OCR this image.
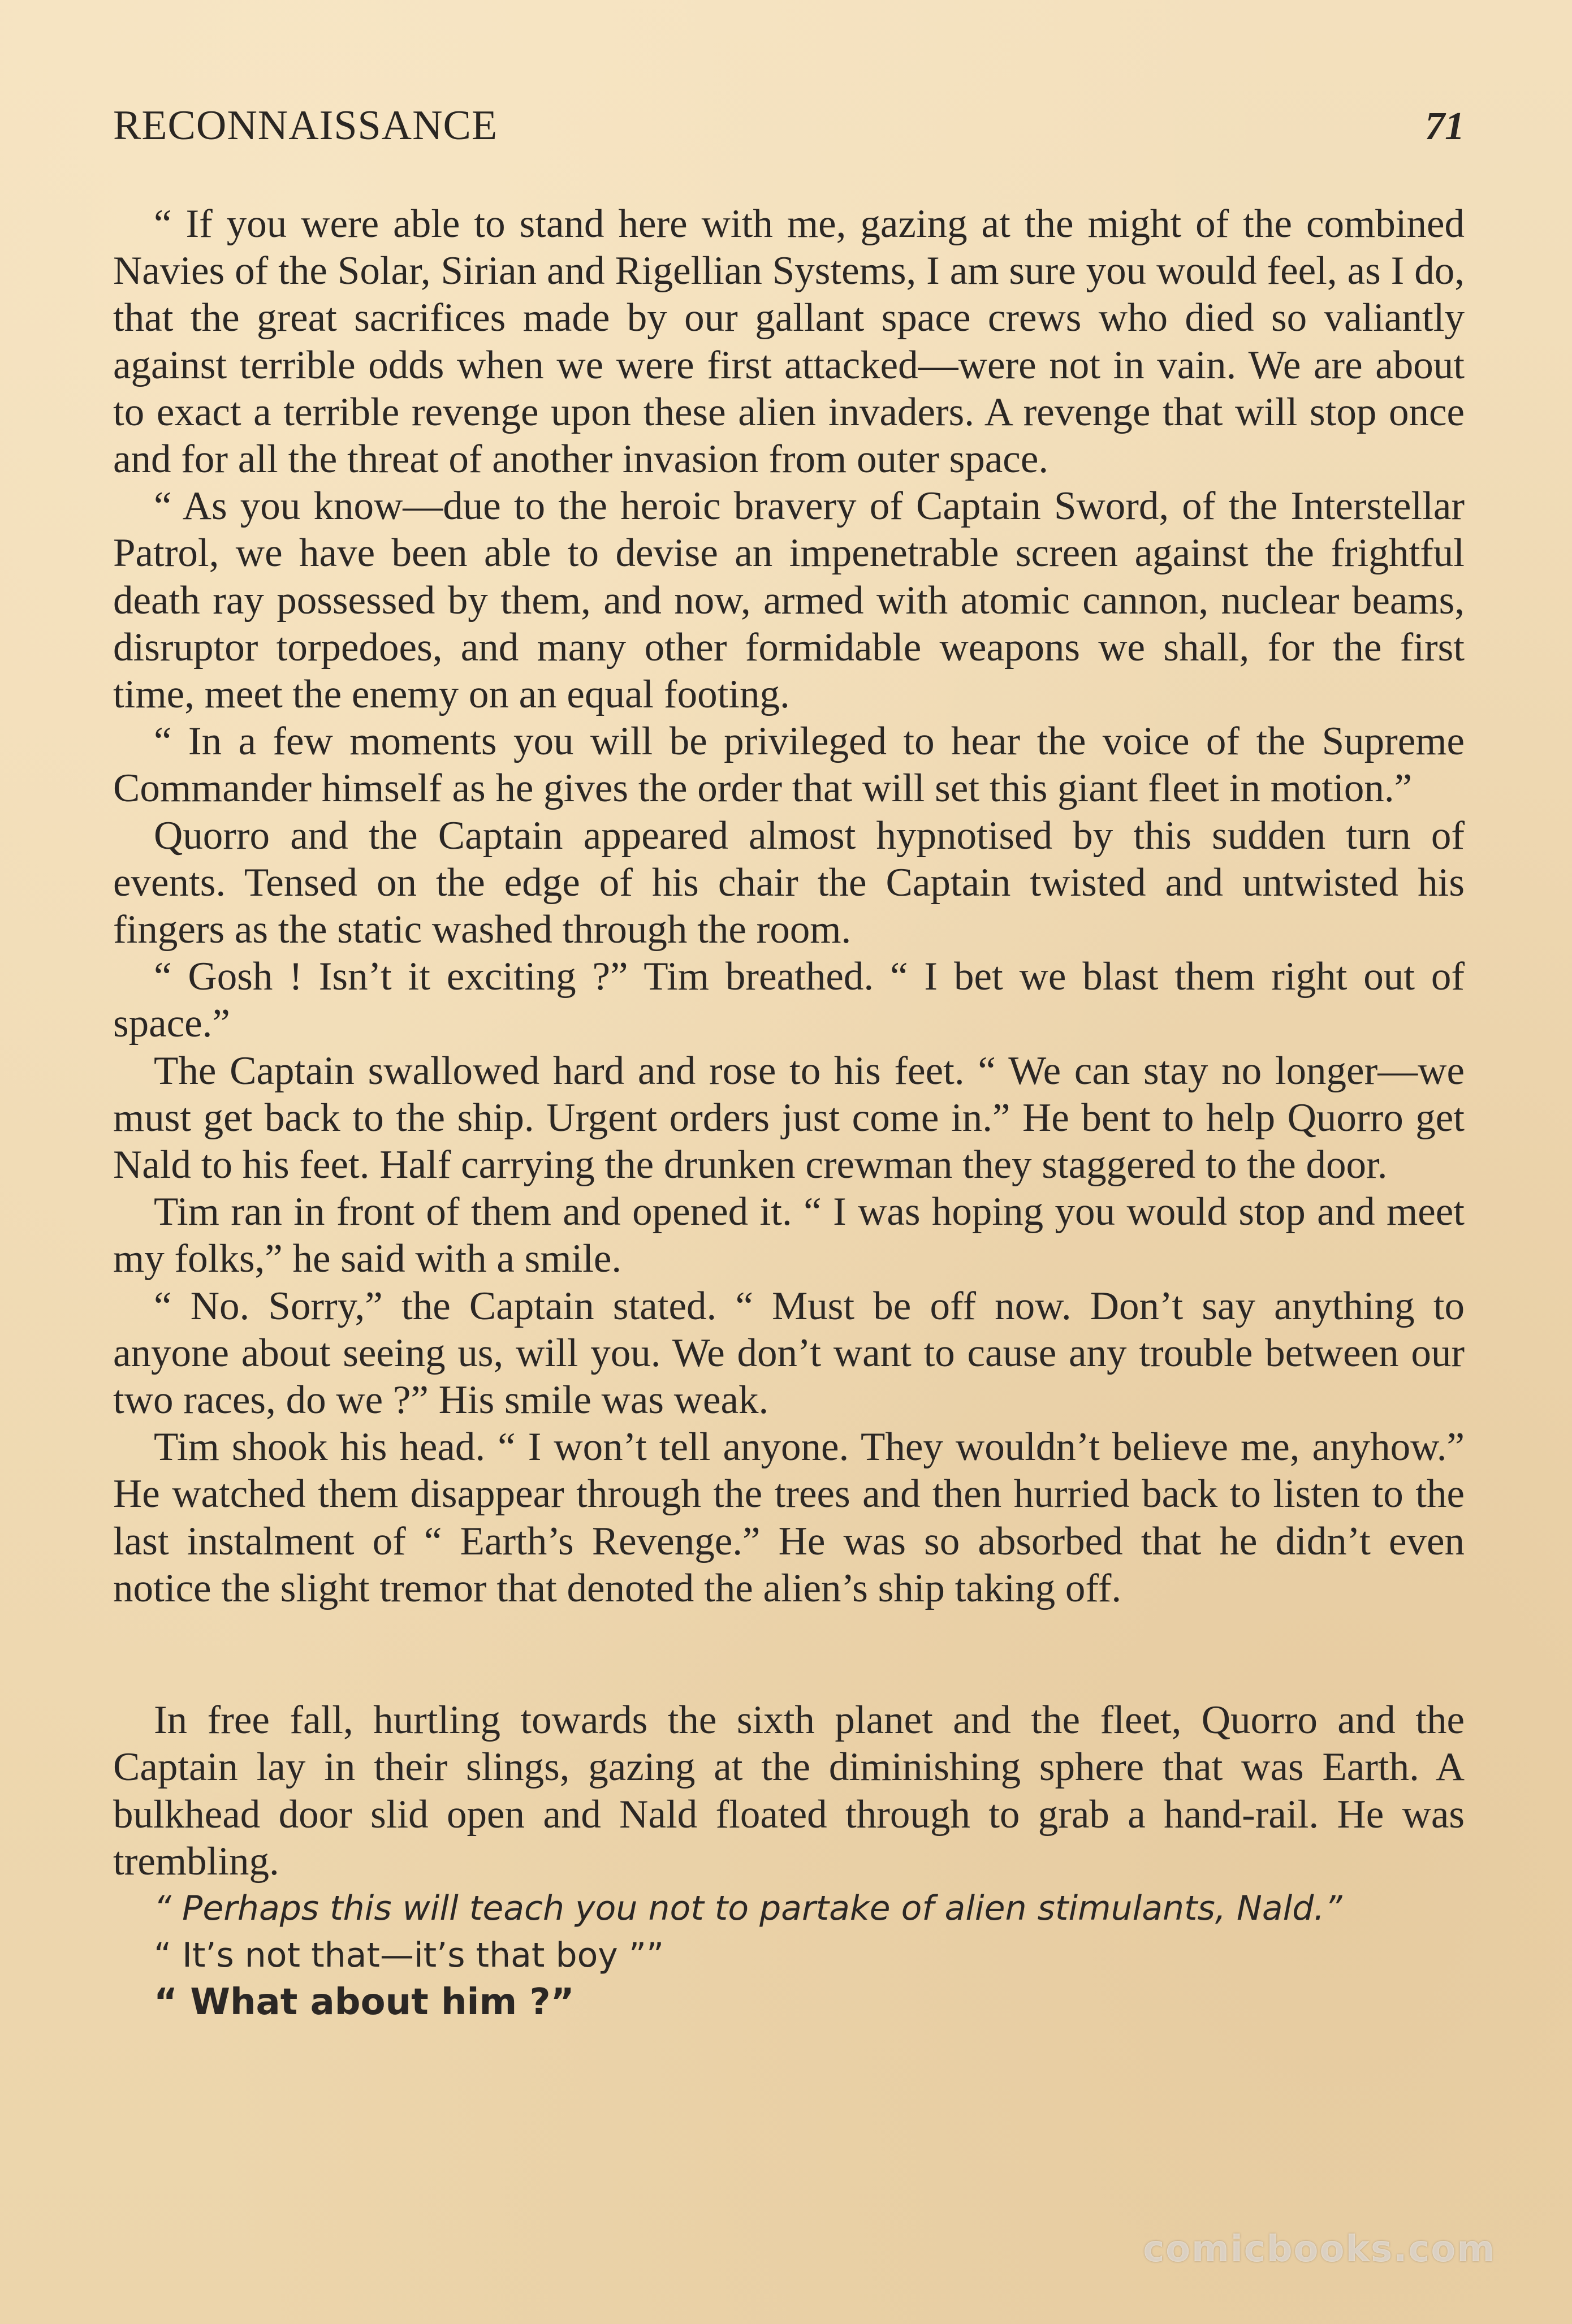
RECONNAISSANCE	71

“ If you were able to stand here with me, gazing at the might of the combined Navies of the Solar, Sirian and Rigellian Systems, I am sure you would feel, as I do, that the great sacrifices made by our gallant space crews who died so valiantly against terrible odds when we were first attacked—were not in vain. We are about to exact a terrible revenge upon these alien invaders. A revenge that will stop once and for all the threat of another invasion from outer space.

“ As you know—due to the heroic bravery of Captain Sword, of the Interstellar Patrol, we have been able to devise an impenetrable screen against the frightful death ray possessed by them, and now, armed with atomic cannon, nuclear beams, disruptor torpedoes, and many other formidable weapons we shall, for the first time, meet the enemy on an equal footing.

“ In a few moments you will be privileged to hear the voice of the Supreme Commander himself as he gives the order that will set this giant fleet in motion.”

Quorro and the Captain appeared almost hypnotised by this sudden turn of events. Tensed on the edge of his chair the Captain twisted and untwisted his fingers as the static washed through the room.

“ Gosh ! Isn’t it exciting ?” Tim breathed. “ I bet we blast them right out of space.”

The Captain swallowed hard and rose to his feet. “ We can stay no longer—we must get back to the ship. Urgent orders just come in.” He bent to help Quorro get Nald to his feet. Half carrying the drunken crewman they staggered to the door.

Tim ran in front of them and opened it. “ I was hoping you would stop and meet my folks,” he said with a smile.

“ No. Sorry,” the Captain stated. “ Must be off now. Don’t say anything to anyone about seeing us, will you. We don’t want to cause any trouble between our two races, do we ?” His smile was weak.

Tim shook his head. “ I won’t tell anyone. They wouldn’t believe me, anyhow.” He watched them disappear through the trees and then hurried back to listen to the last instalment of “ Earth’s Revenge.” He was so absorbed that he didn’t even notice the slight tremor that denoted the alien’s ship taking off.

In free fall, hurtling towards the sixth planet and the fleet, Quorro and the Captain lay in their slings, gazing at the diminishing sphere that was Earth. A bulkhead door slid open and Nald floated through to grab a hand-rail. He was trembling.

“ Perhaps this will teach you not to partake of alien stimulants, Nald.”

“ It’s not that—it’s that boy ””

“ What about him ?”

comicbooks.com
